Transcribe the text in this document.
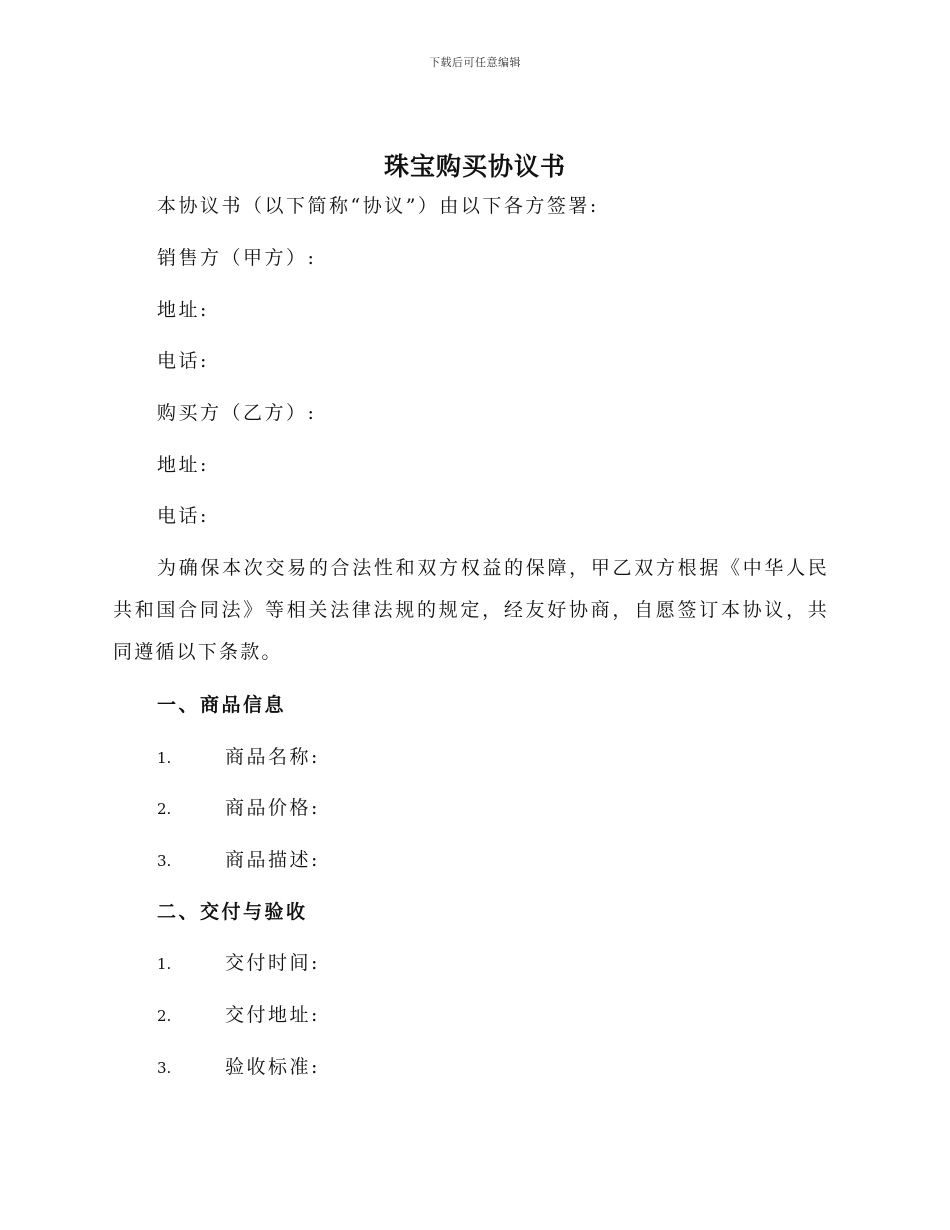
下载后可任意编辑
珠宝购买协议书
本协议书（以下简称“协议”）由以下各方签署:
销售方（甲方）:
地址:
电话:
购买方（乙方）:
地址:
电话:
为确保本次交易的合法性和双方权益的保障，甲乙双方根据《中华人民共和国合同法》等相关法律法规的规定，经友好协商，自愿签订本协议，共同遵循以下条款。
一、商品信息
1.	商品名称:
2.	商品价格:
3.	商品描述:
二、交付与验收
1.	交付时间:
2.	交付地址:
3.	验收标准:
